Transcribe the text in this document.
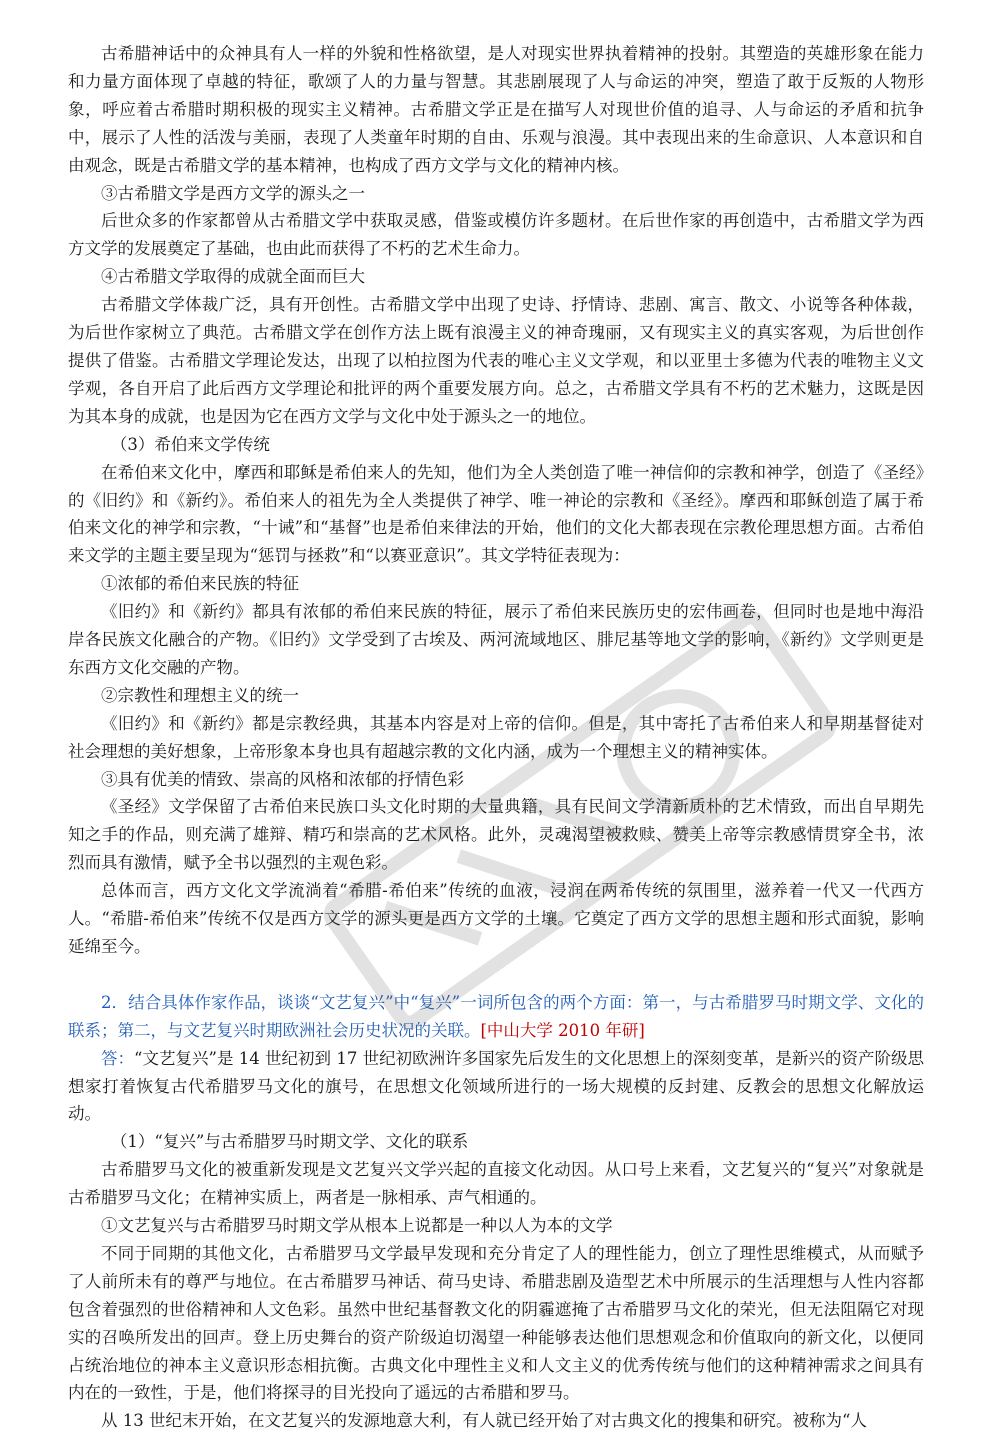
古希腊神话中的众神具有人一样的外貌和性格欲望，是人对现实世界执着精神的投射。其塑造的英雄形象在能力和力量方面体现了卓越的特征，歌颂了人的力量与智慧。其悲剧展现了人与命运的冲突，塑造了敢于反叛的人物形象，呼应着古希腊时期积极的现实主义精神。古希腊文学正是在描写人对现世价值的追寻、人与命运的矛盾和抗争中，展示了人性的活泼与美丽，表现了人类童年时期的自由、乐观与浪漫。其中表现出来的生命意识、人本意识和自由观念，既是古希腊文学的基本精神，也构成了西方文学与文化的精神内核。

③古希腊文学是西方文学的源头之一

后世众多的作家都曾从古希腊文学中获取灵感，借鉴或模仿许多题材。在后世作家的再创造中，古希腊文学为西方文学的发展奠定了基础，也由此而获得了不朽的艺术生命力。

④古希腊文学取得的成就全面而巨大

古希腊文学体裁广泛，具有开创性。古希腊文学中出现了史诗、抒情诗、悲剧、寓言、散文、小说等各种体裁，为后世作家树立了典范。古希腊文学在创作方法上既有浪漫主义的神奇瑰丽，又有现实主义的真实客观，为后世创作提供了借鉴。古希腊文学理论发达，出现了以柏拉图为代表的唯心主义文学观，和以亚里士多德为代表的唯物主义文学观，各自开启了此后西方文学理论和批评的两个重要发展方向。总之，古希腊文学具有不朽的艺术魅力，这既是因为其本身的成就，也是因为它在西方文学与文化中处于源头之一的地位。

（3）希伯来文学传统

在希伯来文化中，摩西和耶稣是希伯来人的先知，他们为全人类创造了唯一神信仰的宗教和神学，创造了《圣经》的《旧约》和《新约》。希伯来人的祖先为全人类提供了神学、唯一神论的宗教和《圣经》。摩西和耶稣创造了属于希伯来文化的神学和宗教，“十诫”和“基督”也是希伯来律法的开始，他们的文化大都表现在宗教伦理思想方面。古希伯来文学的主题主要呈现为“惩罚与拯救”和“以赛亚意识”。其文学特征表现为：

①浓郁的希伯来民族的特征

《旧约》和《新约》都具有浓郁的希伯来民族的特征，展示了希伯来民族历史的宏伟画卷，但同时也是地中海沿岸各民族文化融合的产物。《旧约》文学受到了古埃及、两河流域地区、腓尼基等地文学的影响，《新约》文学则更是东西方文化交融的产物。

②宗教性和理想主义的统一

《旧约》和《新约》都是宗教经典，其基本内容是对上帝的信仰。但是，其中寄托了古希伯来人和早期基督徒对社会理想的美好想象，上帝形象本身也具有超越宗教的文化内涵，成为一个理想主义的精神实体。

③具有优美的情致、崇高的风格和浓郁的抒情色彩

《圣经》文学保留了古希伯来民族口头文化时期的大量典籍，具有民间文学清新质朴的艺术情致，而出自早期先知之手的作品，则充满了雄辩、精巧和崇高的艺术风格。此外，灵魂渴望被救赎、赞美上帝等宗教感情贯穿全书，浓烈而具有激情，赋予全书以强烈的主观色彩。

总体而言，西方文化文学流淌着“希腊-希伯来”传统的血液，浸润在两希传统的氛围里，滋养着一代又一代西方人。“希腊-希伯来”传统不仅是西方文学的源头更是西方文学的土壤。它奠定了西方文学的思想主题和形式面貌，影响延绵至今。

2．结合具体作家作品，谈谈“文艺复兴”中“复兴”一词所包含的两个方面：第一，与古希腊罗马时期文学、文化的联系；第二，与文艺复兴时期欧洲社会历史状况的关联。[中山大学 2010 年研]

答：“文艺复兴”是 14 世纪初到 17 世纪初欧洲许多国家先后发生的文化思想上的深刻变革，是新兴的资产阶级思想家打着恢复古代希腊罗马文化的旗号，在思想文化领域所进行的一场大规模的反封建、反教会的思想文化解放运动。

（1）“复兴”与古希腊罗马时期文学、文化的联系

古希腊罗马文化的被重新发现是文艺复兴文学兴起的直接文化动因。从口号上来看，文艺复兴的“复兴”对象就是古希腊罗马文化；在精神实质上，两者是一脉相承、声气相通的。

①文艺复兴与古希腊罗马时期文学从根本上说都是一种以人为本的文学

不同于同期的其他文化，古希腊罗马文学最早发现和充分肯定了人的理性能力，创立了理性思维模式，从而赋予了人前所未有的尊严与地位。在古希腊罗马神话、荷马史诗、希腊悲剧及造型艺术中所展示的生活理想与人性内容都包含着强烈的世俗精神和人文色彩。虽然中世纪基督教文化的阴霾遮掩了古希腊罗马文化的荣光，但无法阻隔它对现实的召唤所发出的回声。登上历史舞台的资产阶级迫切渴望一种能够表达他们思想观念和价值取向的新文化，以便同占统治地位的神本主义意识形态相抗衡。古典文化中理性主义和人文主义的优秀传统与他们的这种精神需求之间具有内在的一致性，于是，他们将探寻的目光投向了遥远的古希腊和罗马。

从 13 世纪末开始，在文艺复兴的发源地意大利，有人就已经开始了对古典文化的搜集和研究。被称为“人
